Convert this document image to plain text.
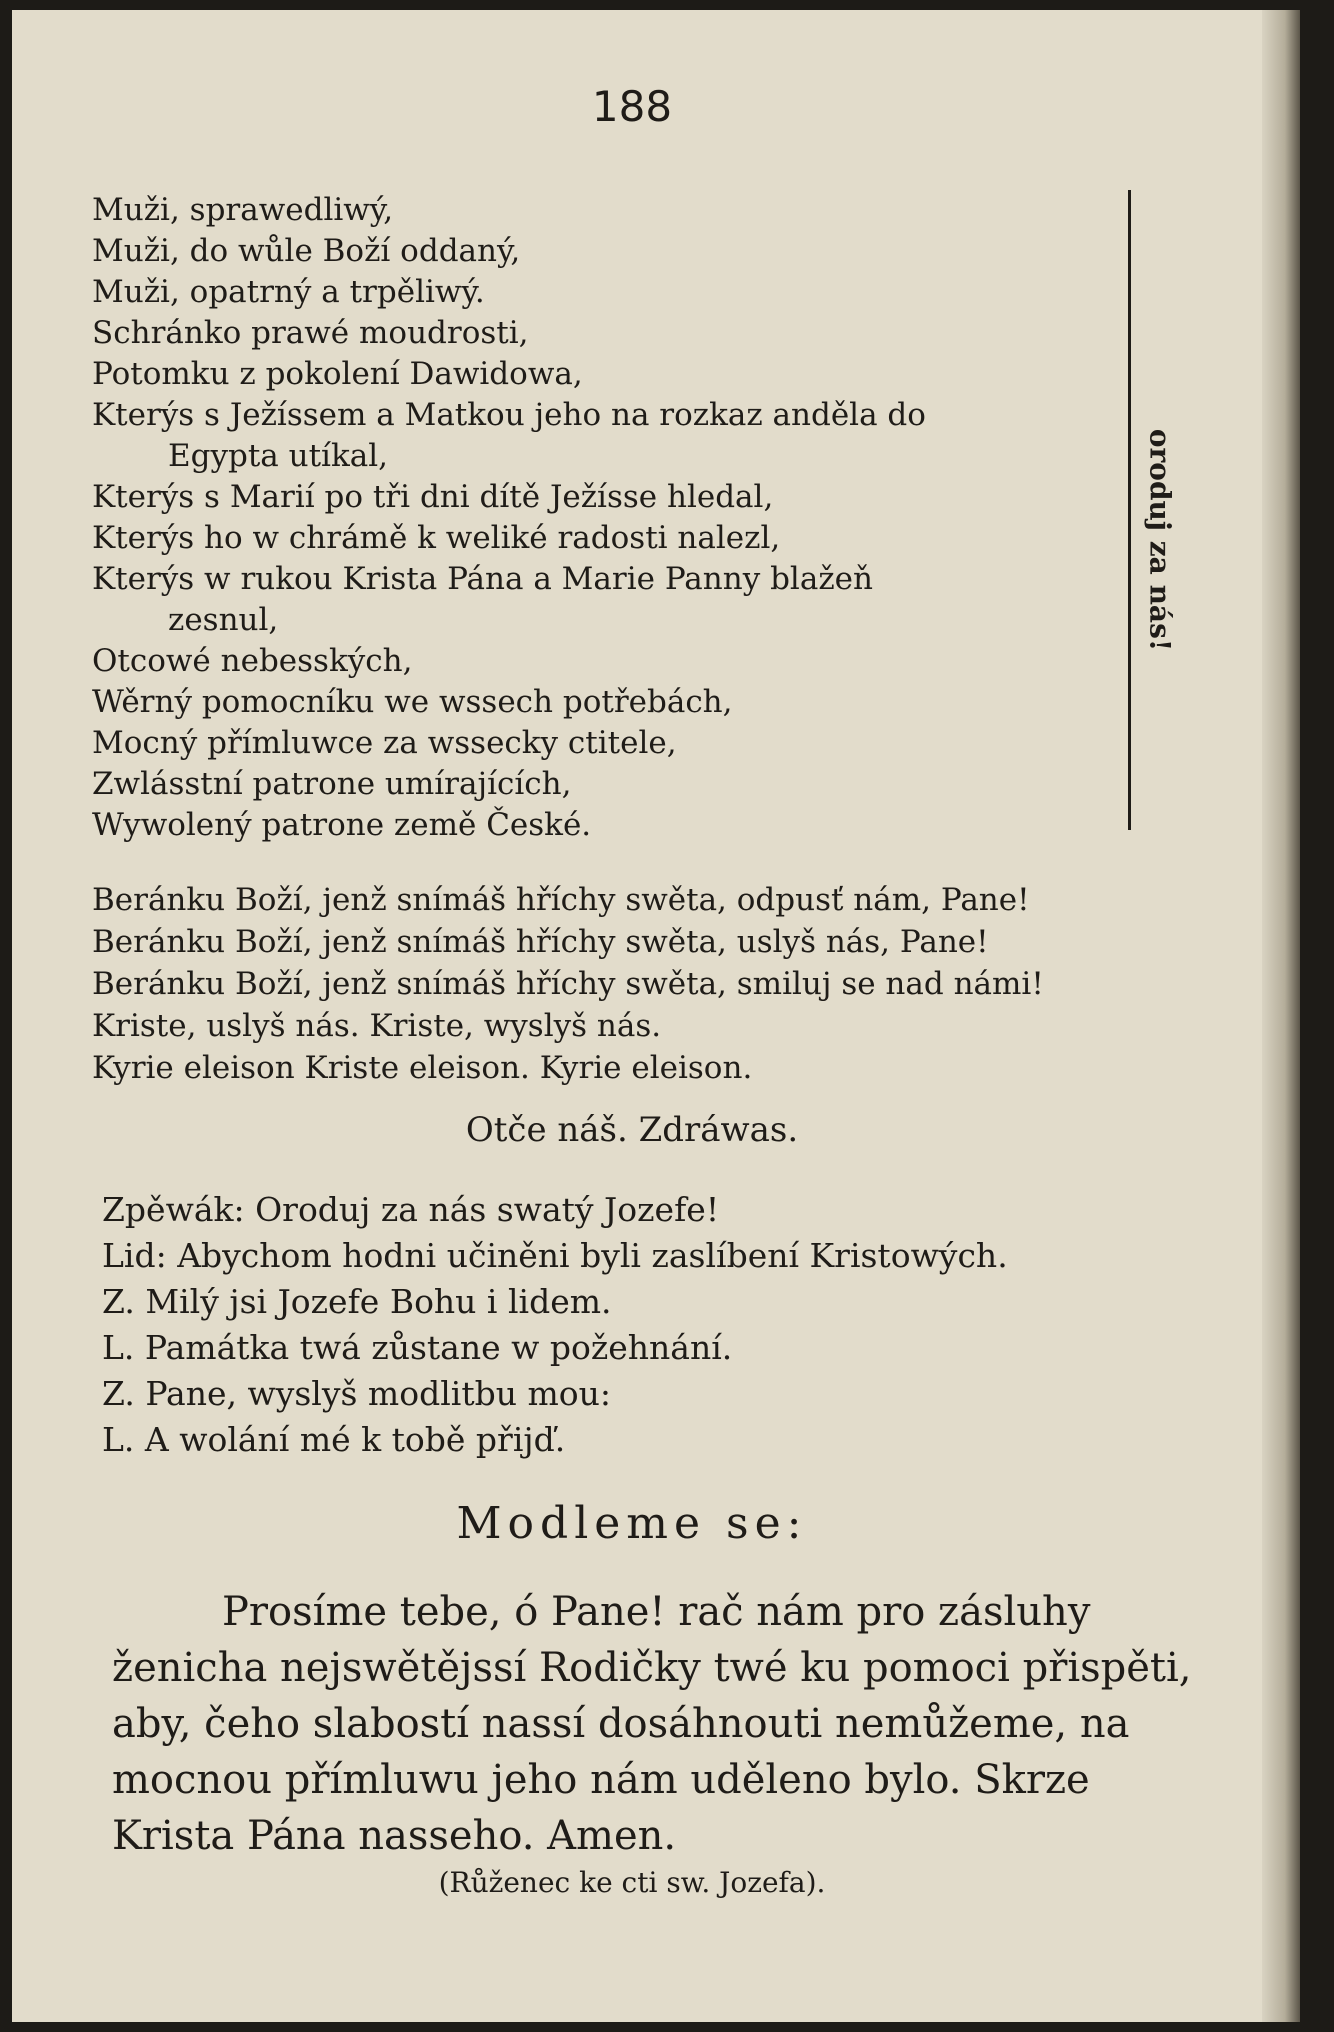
188
Muži, sprawedliwý,
Muži, do wůle Boží oddaný,
Muži, opatrný a trpěliwý.
Schránko prawé moudrosti,
Potomku z pokolení Dawidowa,
Kterýs s Ježíssem a Matkou jeho na rozkaz anděla do
Egypta utíkal,
Kterýs s Marií po tři dni dítě Ježísse hledal,
Kterýs ho w chrámě k weliké radosti nalezl,
Kterýs w rukou Krista Pána a Marie Panny blažeň
zesnul,
Otcowé nebesských,
Wěrný pomocníku we wssech potřebách,
Mocný přímluwce za wssecky ctitele,
Zwlásstní patrone umírajících,
Wywolený patrone země České.
Beránku Boží, jenž snímáš hříchy swěta, odpusť nám, Pane!
Beránku Boží, jenž snímáš hříchy swěta, uslyš nás, Pane!
Beránku Boží, jenž snímáš hříchy swěta, smiluj se nad námi!
Kriste, uslyš nás. Kriste, wyslyš nás.
Kyrie eleison Kriste eleison. Kyrie eleison.
oroduj za nás!
Otče náš. Zdráwas.
Zpěwák: Oroduj za nás swatý Jozefe!
Lid: Abychom hodni učiněni byli zaslíbení Kristowých.
Z. Milý jsi Jozefe Bohu i lidem.
L. Památka twá zůstane w požehnání.
Z. Pane, wyslyš modlitbu mou:
L. A wolání mé k tobě přijď.
Modleme se:
Prosíme tebe, ó Pane! rač nám pro zásluhy
ženicha nejswětějssí Rodičky twé ku pomoci přispěti,
aby, čeho slabostí nassí dosáhnouti nemůžeme, na
mocnou přímluwu jeho nám uděleno bylo. Skrze
Krista Pána nasseho. Amen.
(Růženec ke cti sw. Jozefa).
